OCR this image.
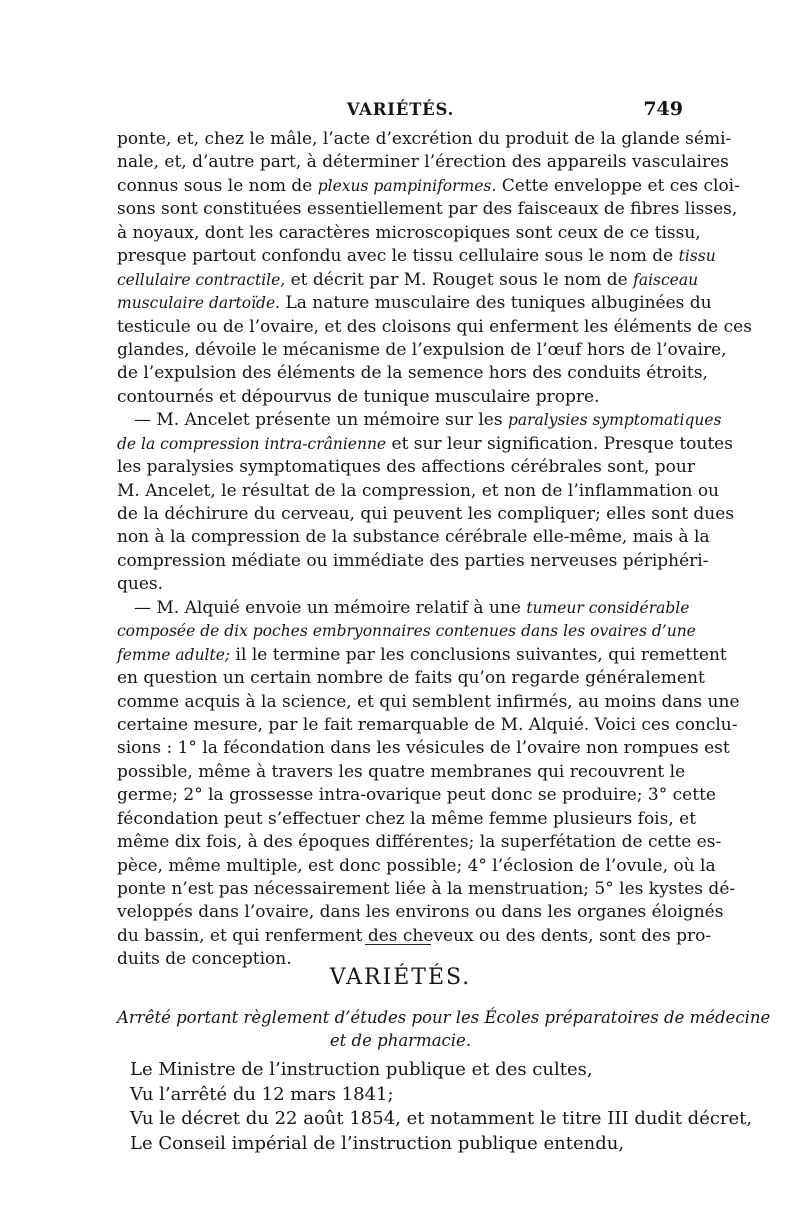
VARIÉTÉS.	749
ponte, et, chez le mâle, l’acte d’excrétion du produit de la glande sémi-
nale, et, d’autre part, à déterminer l’érection des appareils vasculaires
connus sous le nom de plexus pampiniformes. Cette enveloppe et ces cloi-
sons sont constituées essentiellement par des faisceaux de fibres lisses,
à noyaux, dont les caractères microscopiques sont ceux de ce tissu,
presque partout confondu avec le tissu cellulaire sous le nom de tissu
cellulaire contractile, et décrit par M. Rouget sous le nom de faisceau
musculaire dartoïde. La nature musculaire des tuniques albuginées du
testicule ou de l’ovaire, et des cloisons qui enferment les éléments de ces
glandes, dévoile le mécanisme de l’expulsion de l’œuf hors de l’ovaire,
de l’expulsion des éléments de la semence hors des conduits étroits,
contournés et dépourvus de tunique musculaire propre.
— M. Ancelet présente un mémoire sur les paralysies symptomatiques
de la compression intra-crânienne et sur leur signification. Presque toutes
les paralysies symptomatiques des affections cérébrales sont, pour
M. Ancelet, le résultat de la compression, et non de l’inflammation ou
de la déchirure du cerveau, qui peuvent les compliquer; elles sont dues
non à la compression de la substance cérébrale elle-même, mais à la
compression médiate ou immédiate des parties nerveuses périphéri-
ques.
— M. Alquié envoie un mémoire relatif à une tumeur considérable
composée de dix poches embryonnaires contenues dans les ovaires d’une
femme adulte; il le termine par les conclusions suivantes, qui remettent
en question un certain nombre de faits qu’on regarde généralement
comme acquis à la science, et qui semblent infirmés, au moins dans une
certaine mesure, par le fait remarquable de M. Alquié. Voici ces conclu-
sions : 1° la fécondation dans les vésicules de l’ovaire non rompues est
possible, même à travers les quatre membranes qui recouvrent le
germe; 2° la grossesse intra-ovarique peut donc se produire; 3° cette
fécondation peut s’effectuer chez la même femme plusieurs fois, et
même dix fois, à des époques différentes; la superfétation de cette es-
pèce, même multiple, est donc possible; 4° l’éclosion de l’ovule, où la
ponte n’est pas nécessairement liée à la menstruation; 5° les kystes dé-
veloppés dans l’ovaire, dans les environs ou dans les organes éloignés
du bassin, et qui renferment des cheveux ou des dents, sont des pro-
duits de conception.
VARIÉTÉS.
Arrêté portant règlement d’études pour les Écoles préparatoires de médecine
et de pharmacie.
Le Ministre de l’instruction publique et des cultes,
Vu l’arrêté du 12 mars 1841;
Vu le décret du 22 août 1854, et notamment le titre III dudit décret,
Le Conseil impérial de l’instruction publique entendu,
